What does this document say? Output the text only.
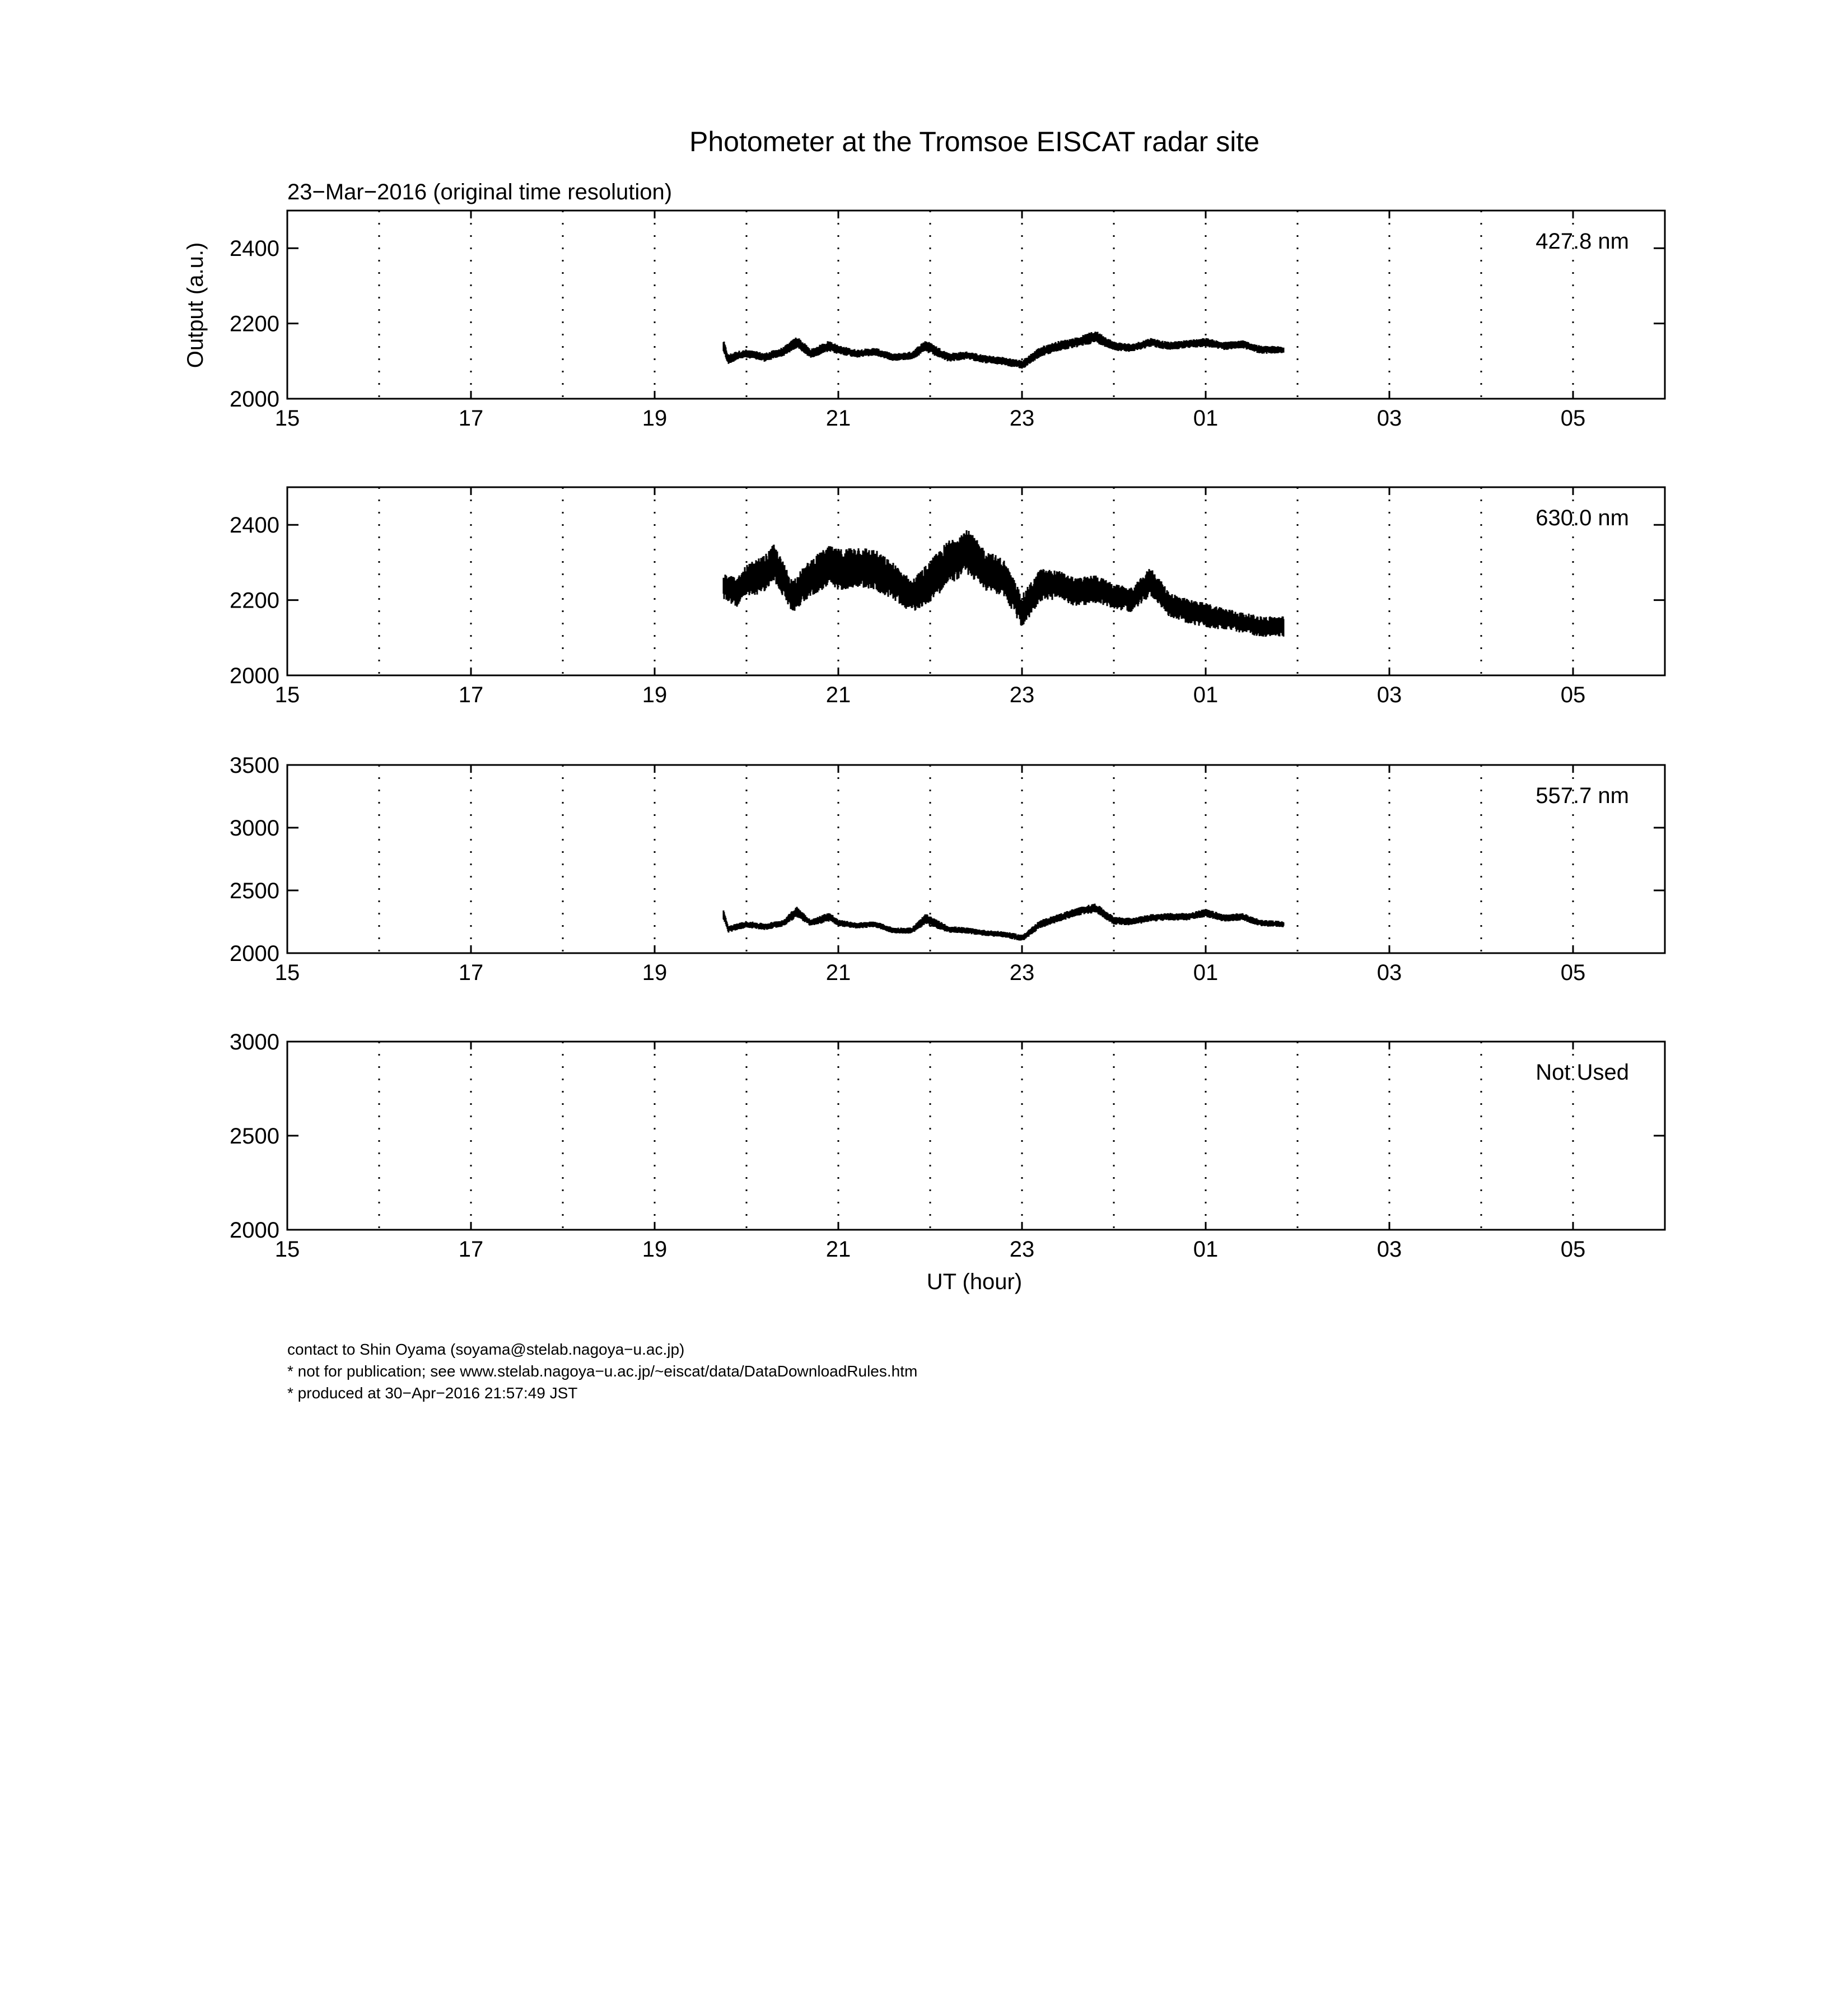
Photometer at the Tromsoe EISCAT radar site
23−Mar−2016 (original time resolution)
Output (a.u.)
15	17	19	21	23	01	03	05
2000
2200
2400	427.8 nm
15	17	19	21	23	01	03	05
2000
2200
2400	630.0 nm
15	17	19	21	23	01	03	05
2000
2500
3000
3500
557.7 nm
15	17	19	21	23	01	03	05
2000
2500
3000
Not Used
UT (hour)
contact to Shin Oyama (soyama@stelab.nagoya−u.ac.jp)
* not for publication; see www.stelab.nagoya−u.ac.jp/~eiscat/data/DataDownloadRules.htm
* produced at 30−Apr−2016 21:57:49 JST
